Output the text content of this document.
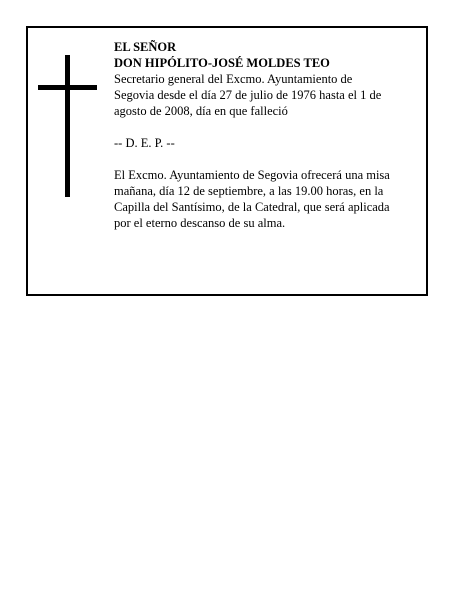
EL SEÑOR
DON HIPÓLITO-JOSÉ MOLDES TEO
Secretario general del Excmo. Ayuntamiento de
Segovia desde el día 27 de julio de 1976 hasta el 1 de
agosto de 2008, día en que falleció
-- D. E. P. --
El Excmo. Ayuntamiento de Segovia ofrecerá una misa
mañana, día 12 de septiembre, a las 19.00 horas, en la
Capilla del Santísimo, de la Catedral, que será aplicada
por el eterno descanso de su alma.
